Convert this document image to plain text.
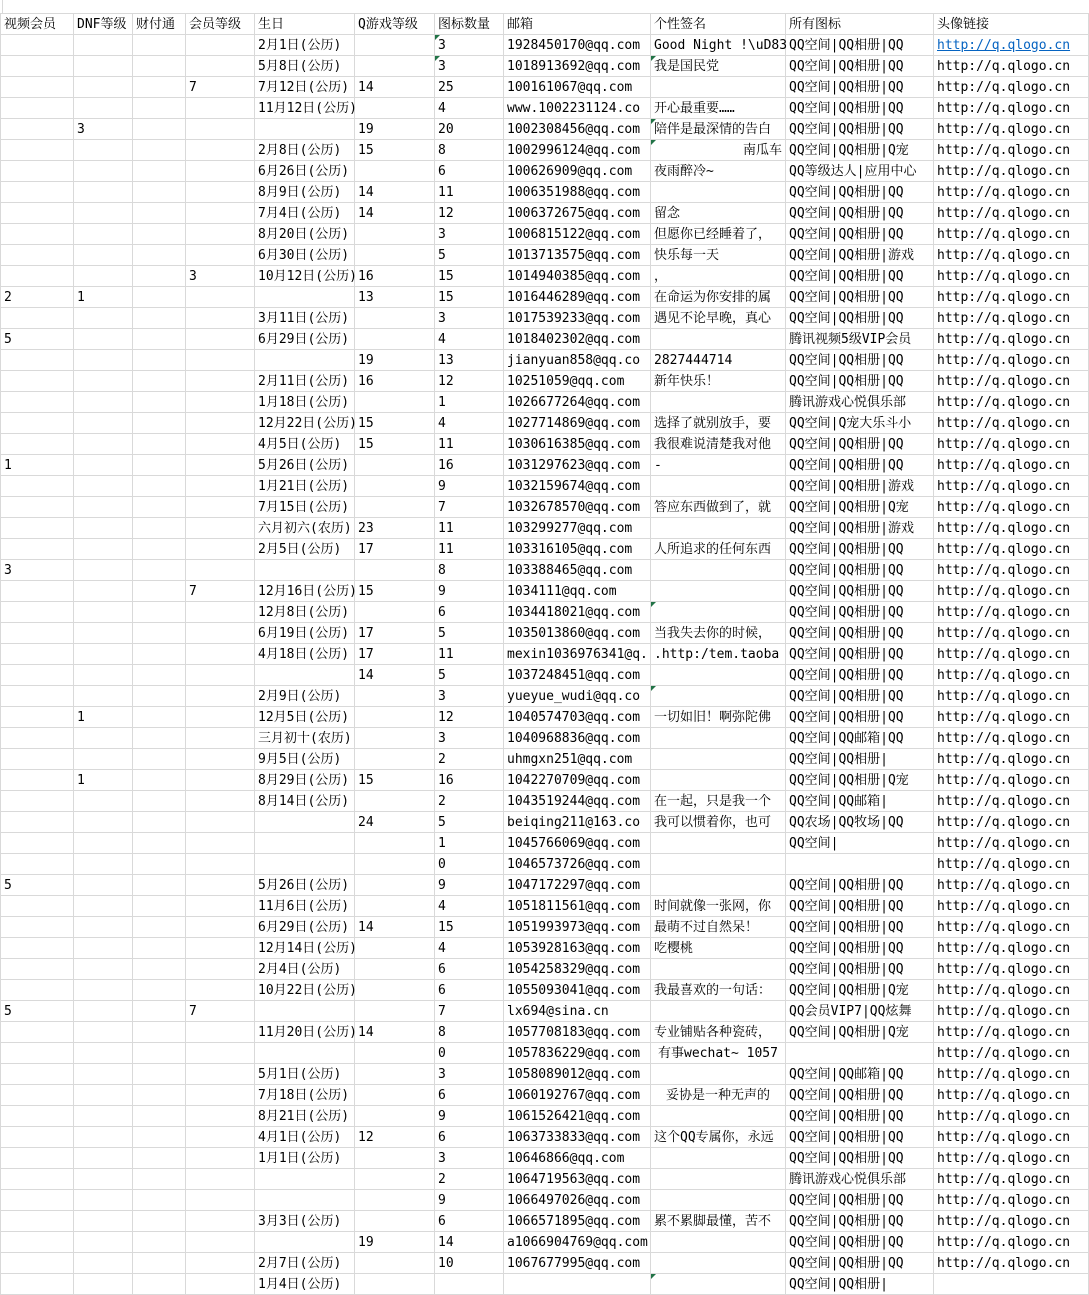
视频会员	DNF等级	财付通	会员等级	生日	Q游戏等级	图标数量	邮箱	个性签名	所有图标	头像链接
				2月1日(公历)		3	1928450170@qq.com	Good Night !\uD83	QQ空间|QQ相册|QQ	http://q.qlogo.cn
				5月8日(公历)		3	1018913692@qq.com	我是国民党	QQ空间|QQ相册|QQ	http://q.qlogo.cn
			7	7月12日(公历)	14	25	100161067@qq.com		QQ空间|QQ相册|QQ	http://q.qlogo.cn
				11月12日(公历)		4	www.1002231124.co	开心最重要……	QQ空间|QQ相册|QQ	http://q.qlogo.cn
	3				19	20	1002308456@qq.com	陪伴是最深情的告白	QQ空间|QQ相册|QQ	http://q.qlogo.cn
				2月8日(公历)	15	8	1002996124@qq.com	南瓜车	QQ空间|QQ相册|Q宠	http://q.qlogo.cn
				6月26日(公历)		6	100626909@qq.com	夜雨醉冷~	QQ等级达人|应用中心	http://q.qlogo.cn
				8月9日(公历)	14	11	1006351988@qq.com		QQ空间|QQ相册|QQ	http://q.qlogo.cn
				7月4日(公历)	14	12	1006372675@qq.com	留念	QQ空间|QQ相册|QQ	http://q.qlogo.cn
				8月20日(公历)		3	1006815122@qq.com	但愿你已经睡着了，	QQ空间|QQ相册|QQ	http://q.qlogo.cn
				6月30日(公历)		5	1013713575@qq.com	快乐每一天	QQ空间|QQ相册|游戏	http://q.qlogo.cn
			3	10月12日(公历)	16	15	1014940385@qq.com	，	QQ空间|QQ相册|QQ	http://q.qlogo.cn
2	1				13	15	1016446289@qq.com	在命运为你安排的属	QQ空间|QQ相册|QQ	http://q.qlogo.cn
				3月11日(公历)		3	1017539233@qq.com	遇见不论早晚，真心	QQ空间|QQ相册|QQ	http://q.qlogo.cn
5				6月29日(公历)		4	1018402302@qq.com		腾讯视频5级VIP会员	http://q.qlogo.cn
					19	13	jianyuan858@qq.co	2827444714	QQ空间|QQ相册|QQ	http://q.qlogo.cn
				2月11日(公历)	16	12	10251059@qq.com	新年快乐！	QQ空间|QQ相册|QQ	http://q.qlogo.cn
				1月18日(公历)		1	1026677264@qq.com		腾讯游戏心悦俱乐部	http://q.qlogo.cn
				12月22日(公历)	15	4	1027714869@qq.com	选择了就别放手，要	QQ空间|Q宠大乐斗小	http://q.qlogo.cn
				4月5日(公历)	15	11	1030616385@qq.com	我很难说清楚我对他	QQ空间|QQ相册|QQ	http://q.qlogo.cn
1				5月26日(公历)		16	1031297623@qq.com	-	QQ空间|QQ相册|QQ	http://q.qlogo.cn
				1月21日(公历)		9	1032159674@qq.com		QQ空间|QQ相册|游戏	http://q.qlogo.cn
				7月15日(公历)		7	1032678570@qq.com	答应东西做到了，就	QQ空间|QQ相册|Q宠	http://q.qlogo.cn
				六月初六(农历)	23	11	103299277@qq.com		QQ空间|QQ相册|游戏	http://q.qlogo.cn
				2月5日(公历)	17	11	103316105@qq.com	人所追求的任何东西	QQ空间|QQ相册|QQ	http://q.qlogo.cn
3						8	103388465@qq.com		QQ空间|QQ相册|QQ	http://q.qlogo.cn
			7	12月16日(公历)	15	9	1034111@qq.com		QQ空间|QQ相册|QQ	http://q.qlogo.cn
				12月8日(公历)		6	1034418021@qq.com		QQ空间|QQ相册|QQ	http://q.qlogo.cn
				6月19日(公历)	17	5	1035013860@qq.com	当我失去你的时候，	QQ空间|QQ相册|QQ	http://q.qlogo.cn
				4月18日(公历)	17	11	mexin1036976341@q.	.http:/tem.taoba	QQ空间|QQ相册|QQ	http://q.qlogo.cn
					14	5	1037248451@qq.com		QQ空间|QQ相册|QQ	http://q.qlogo.cn
				2月9日(公历)		3	yueyue_wudi@qq.co		QQ空间|QQ相册|QQ	http://q.qlogo.cn
	1			12月5日(公历)		12	1040574703@qq.com	一切如旧！啊弥陀佛	QQ空间|QQ相册|QQ	http://q.qlogo.cn
				三月初十(农历)		3	1040968836@qq.com		QQ空间|QQ邮箱|QQ	http://q.qlogo.cn
				9月5日(公历)		2	uhmgxn251@qq.com		QQ空间|QQ相册|	http://q.qlogo.cn
	1			8月29日(公历)	15	16	1042270709@qq.com		QQ空间|QQ相册|Q宠	http://q.qlogo.cn
				8月14日(公历)		2	1043519244@qq.com	在一起，只是我一个	QQ空间|QQ邮箱|	http://q.qlogo.cn
					24	5	beiqing211@163.co	我可以惯着你，也可	QQ农场|QQ牧场|QQ	http://q.qlogo.cn
						1	1045766069@qq.com		QQ空间|	http://q.qlogo.cn
						0	1046573726@qq.com			http://q.qlogo.cn
5				5月26日(公历)		9	1047172297@qq.com		QQ空间|QQ相册|QQ	http://q.qlogo.cn
				11月6日(公历)		4	1051811561@qq.com	时间就像一张网，你	QQ空间|QQ相册|QQ	http://q.qlogo.cn
				6月29日(公历)	14	15	1051993973@qq.com	最萌不过自然呆！	QQ空间|QQ相册|QQ	http://q.qlogo.cn
				12月14日(公历)		4	1053928163@qq.com	吃樱桃	QQ空间|QQ相册|QQ	http://q.qlogo.cn
				2月4日(公历)		6	1054258329@qq.com		QQ空间|QQ相册|QQ	http://q.qlogo.cn
				10月22日(公历)		6	1055093041@qq.com	我最喜欢的一句话：	QQ空间|QQ相册|Q宠	http://q.qlogo.cn
5			7			7	lx694@sina.cn		QQ会员VIP7|QQ炫舞	http://q.qlogo.cn
				11月20日(公历)	14	8	1057708183@qq.com	专业铺贴各种瓷砖，	QQ空间|QQ相册|Q宠	http://q.qlogo.cn
						0	1057836229@qq.com	有事wechat~ 1057		http://q.qlogo.cn
				5月1日(公历)		3	1058089012@qq.com		QQ空间|QQ邮箱|QQ	http://q.qlogo.cn
				7月18日(公历)		6	1060192767@qq.com	妥协是一种无声的	QQ空间|QQ相册|QQ	http://q.qlogo.cn
				8月21日(公历)		9	1061526421@qq.com		QQ空间|QQ相册|QQ	http://q.qlogo.cn
				4月1日(公历)	12	6	1063733833@qq.com	这个QQ专属你，永远	QQ空间|QQ相册|QQ	http://q.qlogo.cn
				1月1日(公历)		3	10646866@qq.com		QQ空间|QQ相册|QQ	http://q.qlogo.cn
						2	1064719563@qq.com		腾讯游戏心悦俱乐部	http://q.qlogo.cn
						9	1066497026@qq.com		QQ空间|QQ相册|QQ	http://q.qlogo.cn
				3月3日(公历)		6	1066571895@qq.com	累不累脚最懂，苦不	QQ空间|QQ相册|QQ	http://q.qlogo.cn
					19	14	a1066904769@qq.com		QQ空间|QQ相册|QQ	http://q.qlogo.cn
				2月7日(公历)		10	1067677995@qq.com		QQ空间|QQ相册|QQ	http://q.qlogo.cn
				1月4日(公历)					QQ空间|QQ相册|	
